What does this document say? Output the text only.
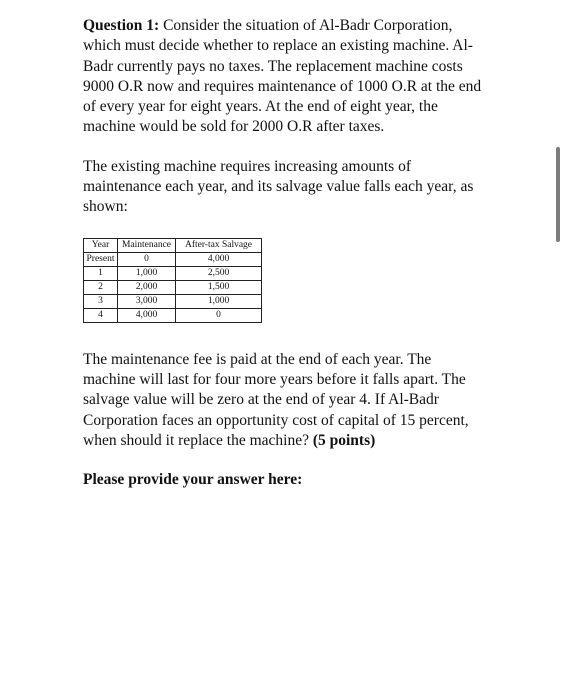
Question 1: Consider the situation of Al-Badr Corporation, which must decide whether to replace an existing machine. Al-Badr currently pays no taxes. The replacement machine costs 9000 O.R now and requires maintenance of 1000 O.R at the end of every year for eight years. At the end of eight year, the machine would be sold for 2000 O.R after taxes.

The existing machine requires increasing amounts of maintenance each year, and its salvage value falls each year, as shown:

Year	Maintenance	After-tax Salvage
Present	0	4,000
1	1,000	2,500
2	2,000	1,500
3	3,000	1,000
4	4,000	0

The maintenance fee is paid at the end of each year. The machine will last for four more years before it falls apart. The salvage value will be zero at the end of year 4. If Al-Badr Corporation faces an opportunity cost of capital of 15 percent, when should it replace the machine? (5 points)

Please provide your answer here:
